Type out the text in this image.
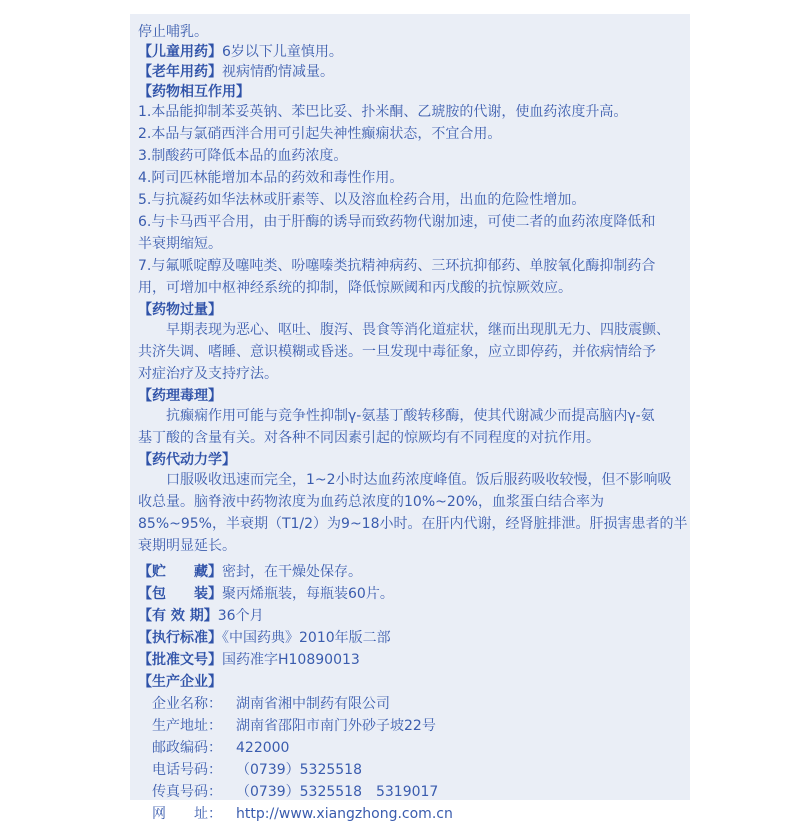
停止哺乳。
【儿童用药】6岁以下儿童慎用。
【老年用药】视病情酌情减量。
【药物相互作用】
1.本品能抑制苯妥英钠、苯巴比妥、扑米酮、乙琥胺的代谢，使血药浓度升高。
2.本品与氯硝西泮合用可引起失神性癫痫状态，不宜合用。
3.制酸药可降低本品的血药浓度。
4.阿司匹林能增加本品的药效和毒性作用。
5.与抗凝药如华法林或肝素等、以及溶血栓药合用，出血的危险性增加。
6.与卡马西平合用，由于肝酶的诱导而致药物代谢加速，可使二者的血药浓度降低和
半衰期缩短。
7.与氟哌啶醇及噻吨类、吩噻嗪类抗精神病药、三环抗抑郁药、单胺氧化酶抑制药合
用，可增加中枢神经系统的抑制，降低惊厥阈和丙戊酸的抗惊厥效应。
【药物过量】
早期表现为恶心、呕吐、腹泻、畏食等消化道症状，继而出现肌无力、四肢震颤、
共济失调、嗜睡、意识模糊或昏迷。一旦发现中毒征象，应立即停药，并依病情给予
对症治疗及支持疗法。
【药理毒理】
抗癫痫作用可能与竞争性抑制γ-氨基丁酸转移酶，使其代谢减少而提高脑内γ-氨
基丁酸的含量有关。对各种不同因素引起的惊厥均有不同程度的对抗作用。
【药代动力学】
口服吸收迅速而完全，1~2小时达血药浓度峰值。饭后服药吸收较慢，但不影响吸
收总量。脑脊液中药物浓度为血药总浓度的10%~20%，血浆蛋白结合率为
85%~95%，半衰期（T1/2）为9~18小时。在肝内代谢，经肾脏排泄。肝损害患者的半
衰期明显延长。
【贮　　藏】密封，在干燥处保存。
【包　　装】聚丙烯瓶装，每瓶装60片。
【有 效 期】36个月
【执行标准】《中国药典》2010年版二部
【批准文号】国药准字H10890013
【生产企业】
企业名称：	湖南省湘中制药有限公司
生产地址：	湖南省邵阳市南门外砂子坡22号
邮政编码：	422000
电话号码：	（0739）5325518
传真号码：	（0739）5325518　5319017
网　　址：	http://www.xiangzhong.com.cn
